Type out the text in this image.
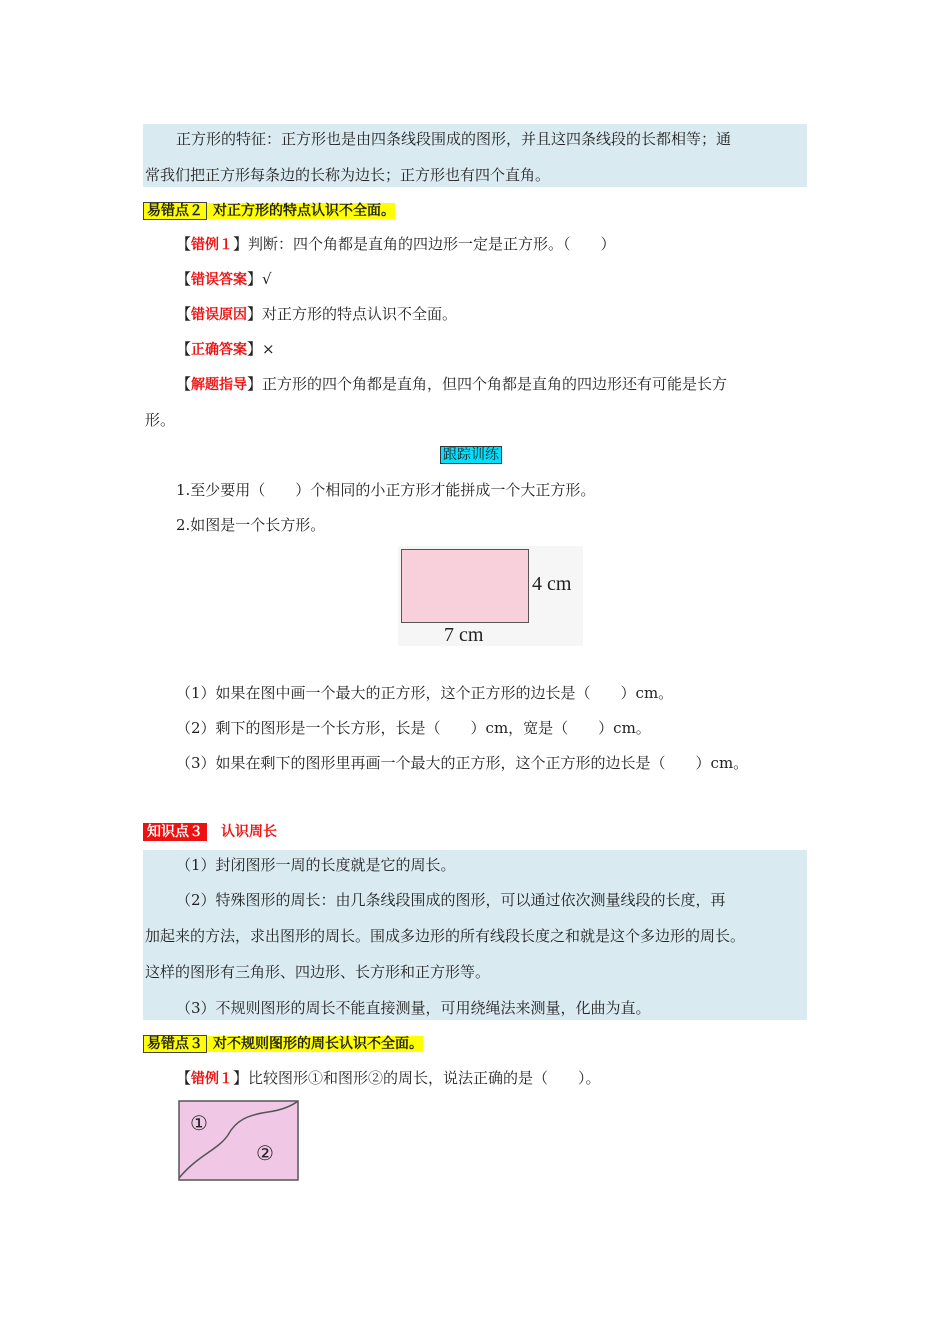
正方形的特征：正方形也是由四条线段围成的图形，并且这四条线段的长都相等；通
常我们把正方形每条边的长称为边长；正方形也有四个直角。
易错点２ 对正方形的特点认识不全面。
【错例１】判断：四个角都是直角的四边形一定是正方形。（　　）
【错误答案】√
【错误原因】对正方形的特点认识不全面。
【正确答案】×
【解题指导】正方形的四个角都是直角，但四个角都是直角的四边形还有可能是长方
形。
跟踪训练
1.至少要用（　　）个相同的小正方形才能拼成一个大正方形。
2.如图是一个长方形。
4 cm
7 cm
（1）如果在图中画一个最大的正方形，这个正方形的边长是（　　）cm。
（2）剩下的图形是一个长方形，长是（　　）cm，宽是（　　）cm。
（3）如果在剩下的图形里再画一个最大的正方形，这个正方形的边长是（　　）cm。
知识点３ 认识周长
（1）封闭图形一周的长度就是它的周长。
（2）特殊图形的周长：由几条线段围成的图形，可以通过依次测量线段的长度，再
加起来的方法，求出图形的周长。围成多边形的所有线段长度之和就是这个多边形的周长。
这样的图形有三角形、四边形、长方形和正方形等。
（3）不规则图形的周长不能直接测量，可用绕绳法来测量，化曲为直。
易错点３ 对不规则图形的周长认识不全面。
【错例１】比较图形①和图形②的周长，说法正确的是（　　）。
①
②
